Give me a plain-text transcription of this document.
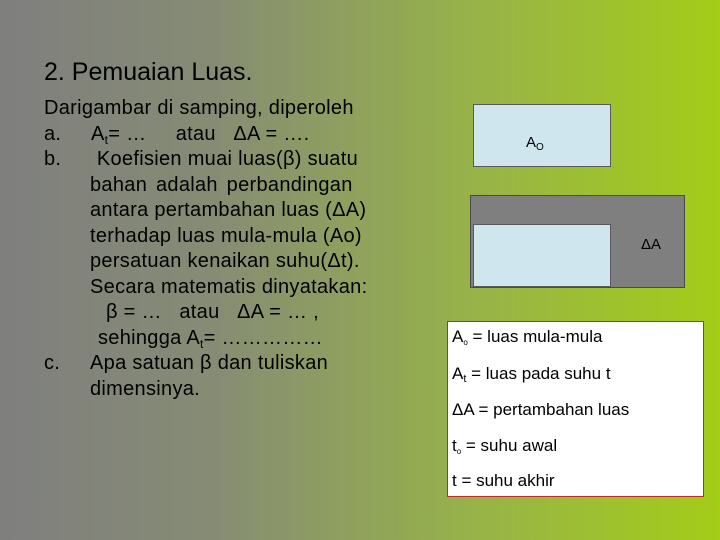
2. Pemuaian Luas.
Darigambar di samping, diperoleh
a. $A_t=$ …     atau   ΔA = ….
b. Koefisien muai luas(β) suatu
bahan adalah perbandingan
antara pertambahan luas (ΔA)
terhadap luas mula-mula (Ao)
persatuan kenaikan suhu(Δt).
Secara matematis dinyatakan:
β = …   atau   ΔA = … ,
sehingga $A_t=$ ……………
c. Apa satuan β dan tuliskan
dimensinya.
$A_O$
ΔA
$A_o$ = luas mula-mula
$A_t$ = luas pada suhu t
ΔA = pertambahan luas
$t_o$ = suhu awal
t = suhu akhir
